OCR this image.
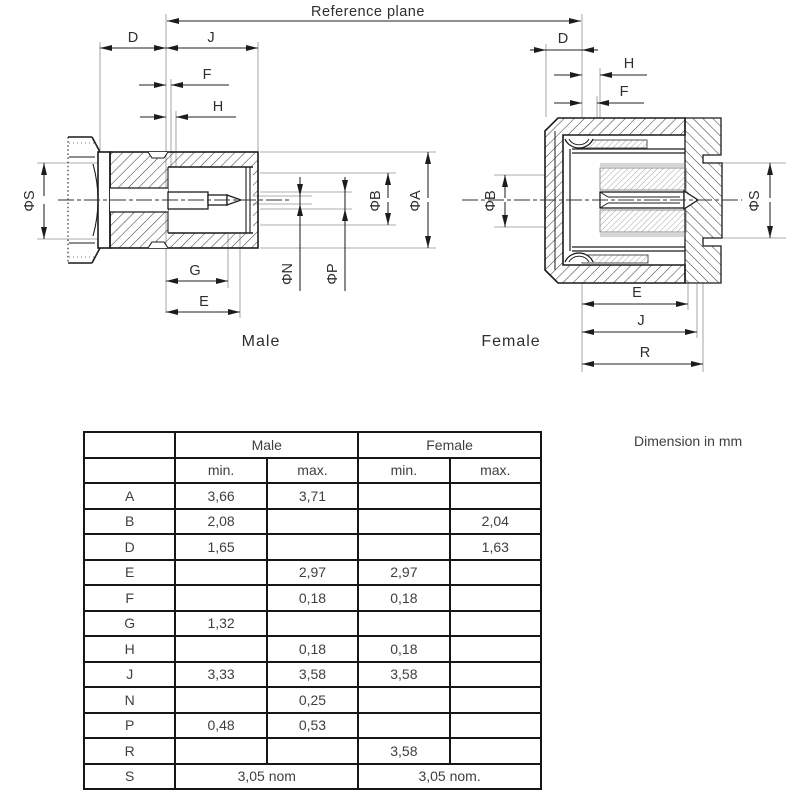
Reference plane
D	J
F
H
G
E
ΦS	ΦB ΦA
ΦN ΦP
Male
D
H
F
E
J
R
ΦB	ΦS
Female
	Male		Female	
	min.	max.	min.	max.
A	3,66	3,71		
B	2,08			2,04
D	1,65			1,63
E		2,97	2,97	
F		0,18	0,18	
G	1,32			
H		0,18	0,18	
J	3,33	3,58	3,58	
N		0,25		
P	0,48	0,53		
R			3,58	
S	3,05 nom		3,05 nom.	
Dimension in mm
